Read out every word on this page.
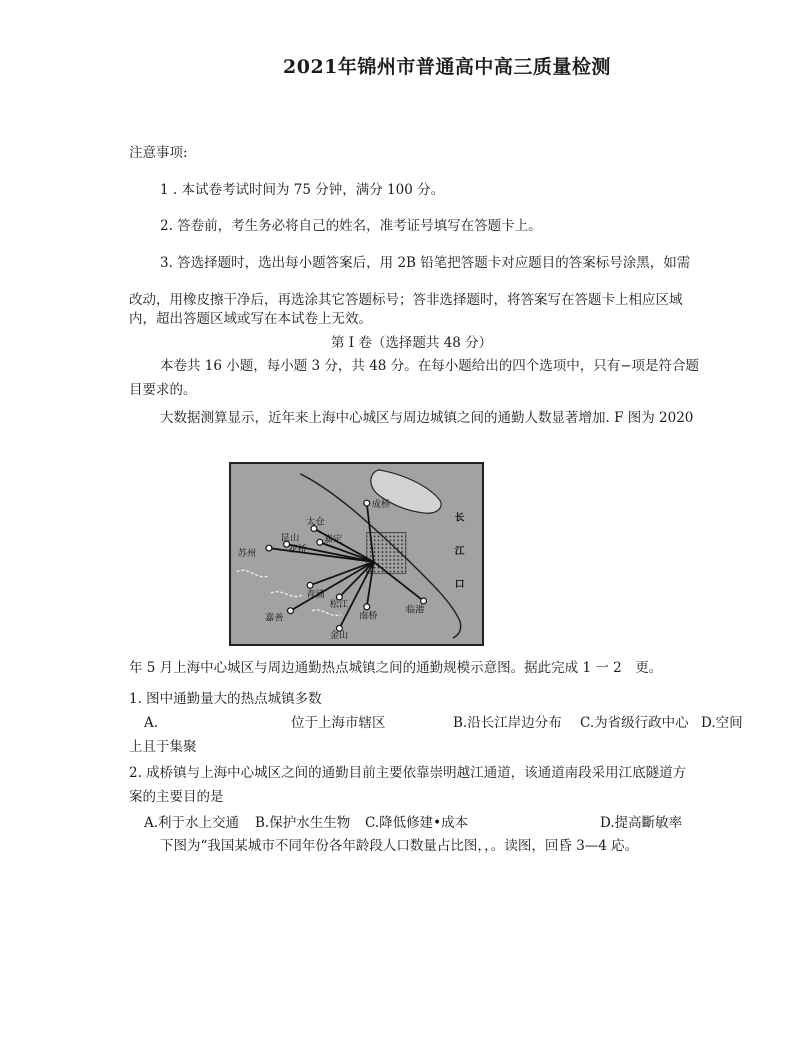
2021年锦州市普通高中高三质量检测
注意事项:
1 . 本试卷考试时间为 75 分钟，满分 100 分。
2. 答卷前，考生务必将自己的姓名，准考证号填写在答题卡上。
3. 答选择题时，选出每小题答案后，用 2B 铅笔把答题卡对应题目的答案标号涂黑，如需
改动，用橡皮擦干净后，再选涂其它答题标号；答非选择题时，将答案写在答题卡上相应区域
内，超出答题区域或写在本试卷上无效。
第 I 卷（选择题共 48 分）
本卷共 16 小题，每小题 3 分，共 48 分。在每小题给出的四个选项中，只有−项是符合题
目要求的。
大数据测算显示，近年来上海中心城区与周边城镇之间的通勤人数显著增加. F 图为 2020
成桥
太仓
昆山
苏州	花桥
嘉定
青浦
松江
南桥
嘉善
金山
临港
长
江
口
年 5 月上海中心城区与周边通勤热点城镇之间的通勤规模示意图。据此完成 1 一 2　更。
1. 图中通勤量大的热点城镇多数
A.	位于上海市辖区	B.沿长江岸边分布 C.为省级行政中心 D.空间
上且于集聚
2. 成桥镇与上海中心城区之间的通勤目前主要依靠崇明越江通道，该通道南段采用江底隧道方
案的主要目的是
A.利于水上交通 B.保护水生生物 C.降低修建•成本	D.提高斷敏率
下图为“我国某城市不同年份各年龄段人口数量占比图，，。读图，回昏 3—4 応。
